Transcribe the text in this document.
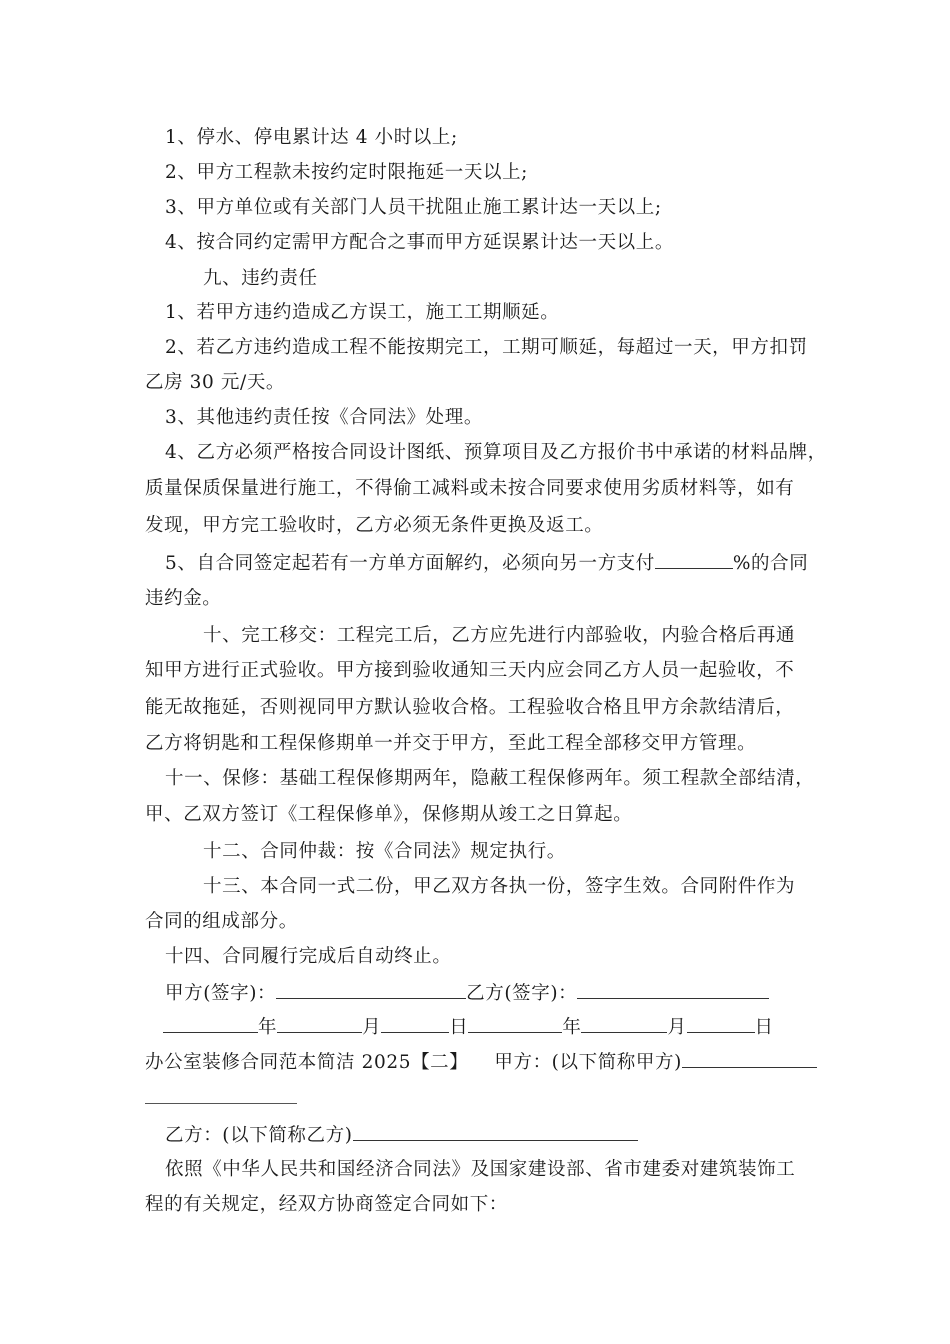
1、停水、停电累计达 4 小时以上;
2、甲方工程款未按约定时限拖延一天以上;
3、甲方单位或有关部门人员干扰阻止施工累计达一天以上;
4、按合同约定需甲方配合之事而甲方延误累计达一天以上。
九、违约责任
1、若甲方违约造成乙方误工，施工工期顺延。
2、若乙方违约造成工程不能按期完工，工期可顺延，每超过一天，甲方扣罚
乙房 30 元/天。
3、其他违约责任按《合同法》处理。
4、乙方必须严格按合同设计图纸、预算项目及乙方报价书中承诺的材料品牌，
质量保质保量进行施工，不得偷工减料或未按合同要求使用劣质材料等，如有
发现，甲方完工验收时，乙方必须无条件更换及返工。
5、自合同签定起若有一方单方面解约，必须向另一方支付	%的合同
违约金。
十、完工移交：工程完工后，乙方应先进行内部验收，内验合格后再通
知甲方进行正式验收。甲方接到验收通知三天内应会同乙方人员一起验收，不
能无故拖延，否则视同甲方默认验收合格。工程验收合格且甲方余款结清后，
乙方将钥匙和工程保修期单一并交于甲方，至此工程全部移交甲方管理。
十一、保修：基础工程保修期两年，隐蔽工程保修两年。须工程款全部结清，
甲、乙双方签订《工程保修单》，保修期从竣工之日算起。
十二、合同仲裁：按《合同法》规定执行。
十三、本合同一式二份，甲乙双方各执一份，签字生效。合同附件作为
合同的组成部分。
十四、合同履行完成后自动终止。
甲方(签字)：	乙方(签字)：
年	月	日	年	月	日
办公室装修合同范本简洁 2025【二】 甲方：(以下简称甲方)
乙方：(以下简称乙方)
依照《中华人民共和国经济合同法》及国家建设部、省市建委对建筑装饰工
程的有关规定，经双方协商签定合同如下：
